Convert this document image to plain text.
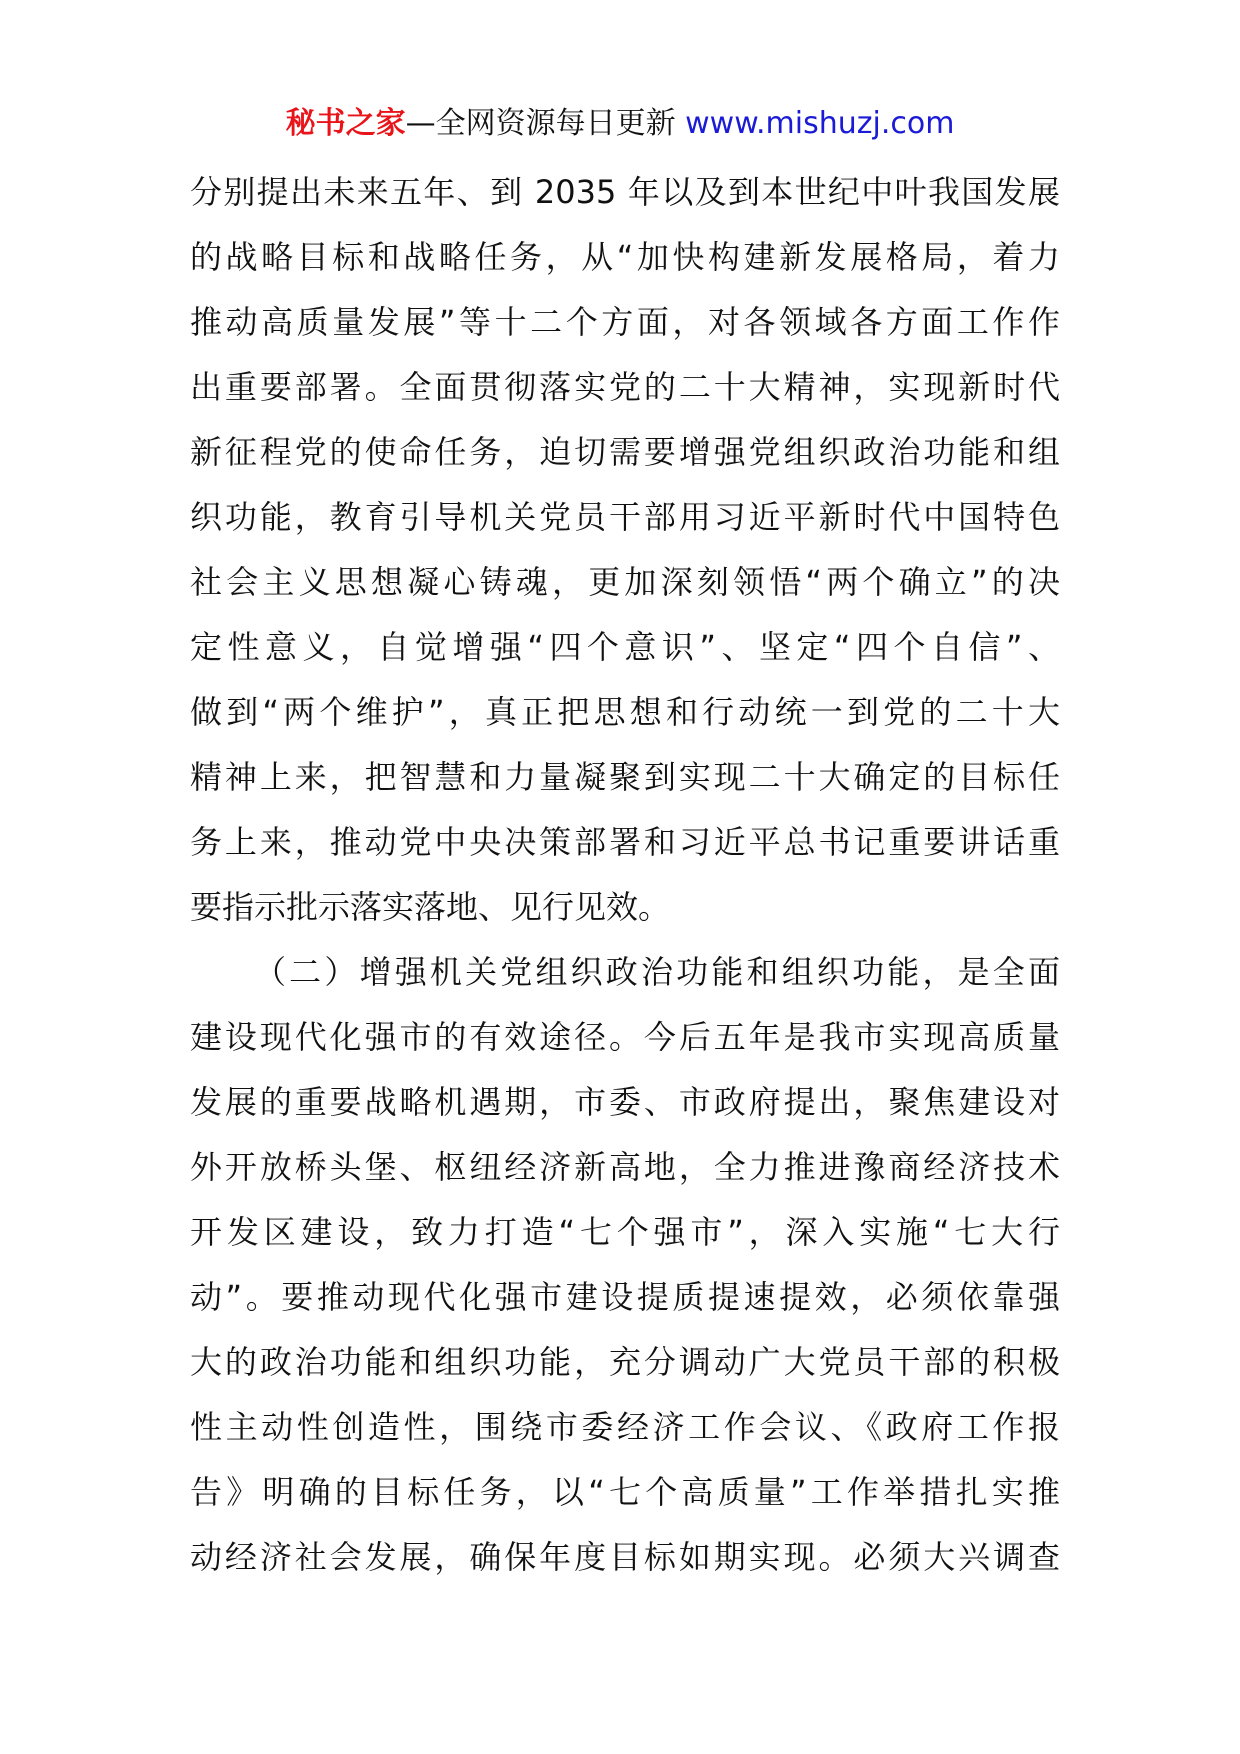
秘书之家—全网资源每日更新 www.mishuzj.com
分别提出未来五年、到 2035 年以及到本世纪中叶我国发展
的战略目标和战略任务，从“加快构建新发展格局，着力
推动高质量发展”等十二个方面，对各领域各方面工作作
出重要部署。全面贯彻落实党的二十大精神，实现新时代
新征程党的使命任务，迫切需要增强党组织政治功能和组
织功能，教育引导机关党员干部用习近平新时代中国特色
社会主义思想凝心铸魂，更加深刻领悟“两个确立”的决
定性意义，自觉增强“四个意识”、坚定“四个自信”、
做到“两个维护”，真正把思想和行动统一到党的二十大
精神上来，把智慧和力量凝聚到实现二十大确定的目标任
务上来，推动党中央决策部署和习近平总书记重要讲话重
要指示批示落实落地、见行见效。
（二）增强机关党组织政治功能和组织功能，是全面
建设现代化强市的有效途径。今后五年是我市实现高质量
发展的重要战略机遇期，市委、市政府提出，聚焦建设对
外开放桥头堡、枢纽经济新高地，全力推进豫商经济技术
开发区建设，致力打造“七个强市”，深入实施“七大行
动”。要推动现代化强市建设提质提速提效，必须依靠强
大的政治功能和组织功能，充分调动广大党员干部的积极
性主动性创造性，围绕市委经济工作会议、《政府工作报
告》明确的目标任务，以“七个高质量”工作举措扎实推
动经济社会发展，确保年度目标如期实现。必须大兴调查
